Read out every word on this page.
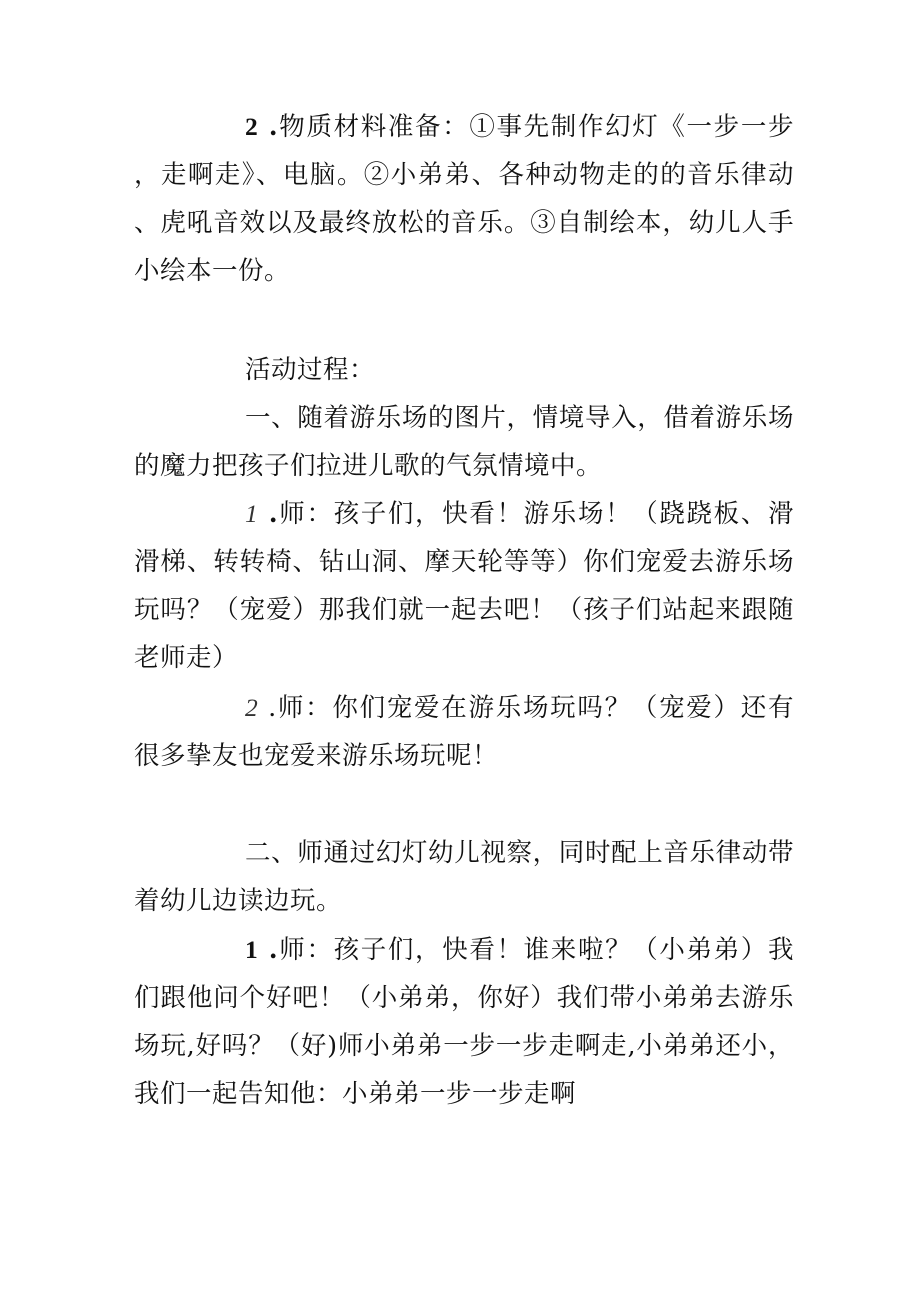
2 .物质材料准备：①事先制作幻灯《一步一步，走啊走》、电脑。②小弟弟、各种动物走的的音乐律动、虎吼音效以及最终放松的音乐。③自制绘本，幼儿人手小绘本一份。

活动过程：

一、随着游乐场的图片，情境导入，借着游乐场的魔力把孩子们拉进儿歌的气氛情境中。

1 .师：孩子们，快看！游乐场！（跷跷板、滑滑梯、转转椅、钻山洞、摩天轮等等）你们宠爱去游乐场玩吗？（宠爱）那我们就一起去吧！（孩子们站起来跟随老师走）

2 .师：你们宠爱在游乐场玩吗？（宠爱）还有很多挚友也宠爱来游乐场玩呢！

二、师通过幻灯幼儿视察，同时配上音乐律动带着幼儿边读边玩。

1 .师：孩子们，快看！谁来啦？（小弟弟）我们跟他问个好吧！（小弟弟，你好）我们带小弟弟去游乐场玩,好吗？（好)师小弟弟一步一步走啊走,小弟弟还小，我们一起告知他：小弟弟一步一步走啊
